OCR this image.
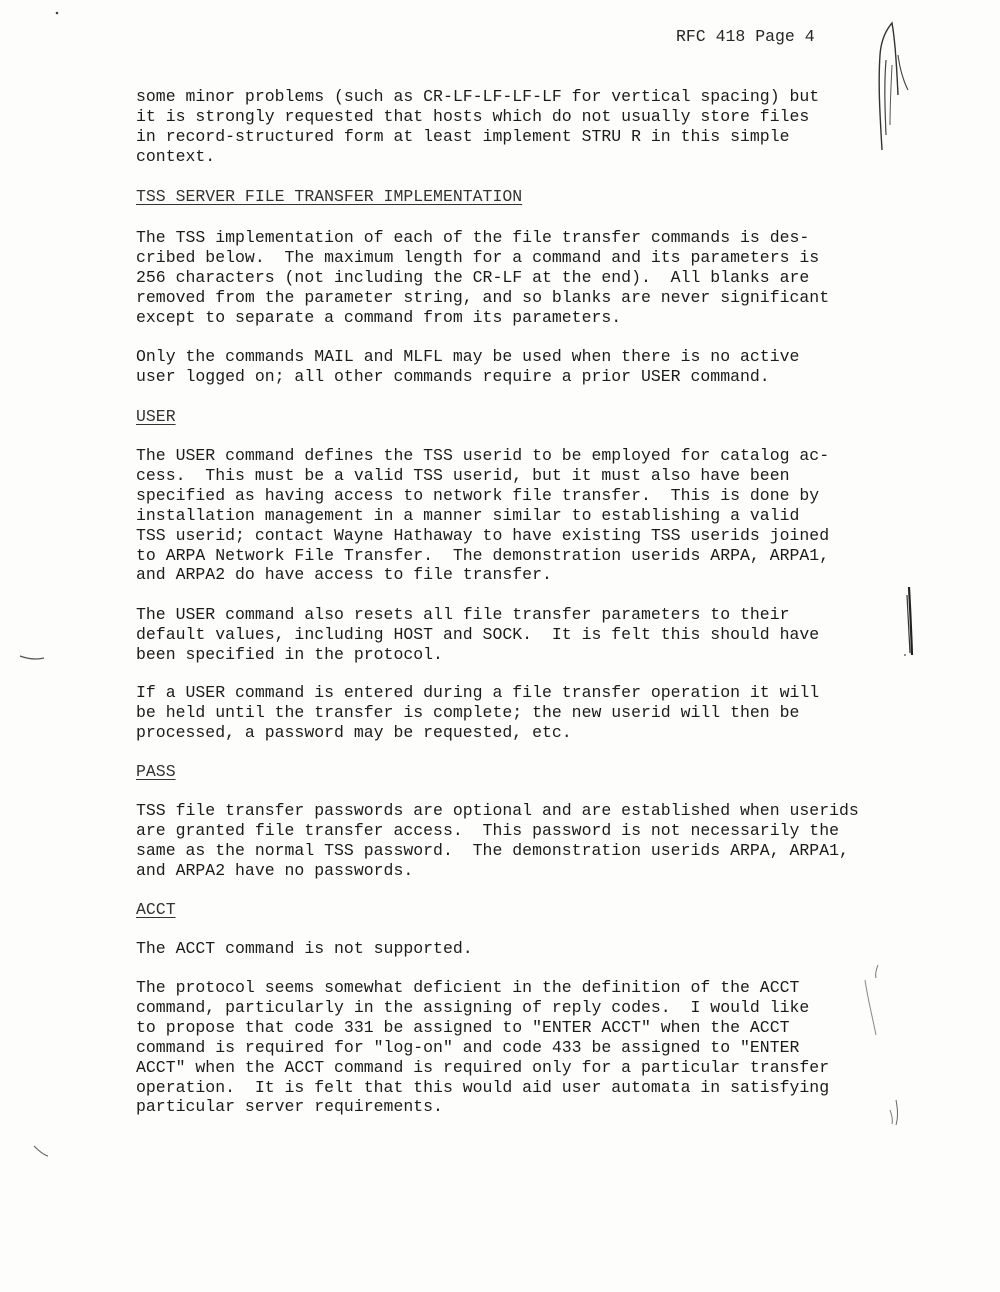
RFC 418 Page 4
some minor problems (such as CR-LF-LF-LF-LF for vertical spacing) but
it is strongly requested that hosts which do not usually store files
in record-structured form at least implement STRU R in this simple
context.
TSS SERVER FILE TRANSFER IMPLEMENTATION
The TSS implementation of each of the file transfer commands is des-
cribed below.  The maximum length for a command and its parameters is
256 characters (not including the CR-LF at the end).  All blanks are
removed from the parameter string, and so blanks are never significant
except to separate a command from its parameters.
Only the commands MAIL and MLFL may be used when there is no active
user logged on; all other commands require a prior USER command.
USER
The USER command defines the TSS userid to be employed for catalog ac-
cess.  This must be a valid TSS userid, but it must also have been
specified as having access to network file transfer.  This is done by
installation management in a manner similar to establishing a valid
TSS userid; contact Wayne Hathaway to have existing TSS userids joined
to ARPA Network File Transfer.  The demonstration userids ARPA, ARPA1,
and ARPA2 do have access to file transfer.
The USER command also resets all file transfer parameters to their
default values, including HOST and SOCK.  It is felt this should have
been specified in the protocol.
If a USER command is entered during a file transfer operation it will
be held until the transfer is complete; the new userid will then be
processed, a password may be requested, etc.
PASS
TSS file transfer passwords are optional and are established when userids
are granted file transfer access.  This password is not necessarily the
same as the normal TSS password.  The demonstration userids ARPA, ARPA1,
and ARPA2 have no passwords.
ACCT
The ACCT command is not supported.
The protocol seems somewhat deficient in the definition of the ACCT
command, particularly in the assigning of reply codes.  I would like
to propose that code 331 be assigned to "ENTER ACCT" when the ACCT
command is required for "log-on" and code 433 be assigned to "ENTER
ACCT" when the ACCT command is required only for a particular transfer
operation.  It is felt that this would aid user automata in satisfying
particular server requirements.
